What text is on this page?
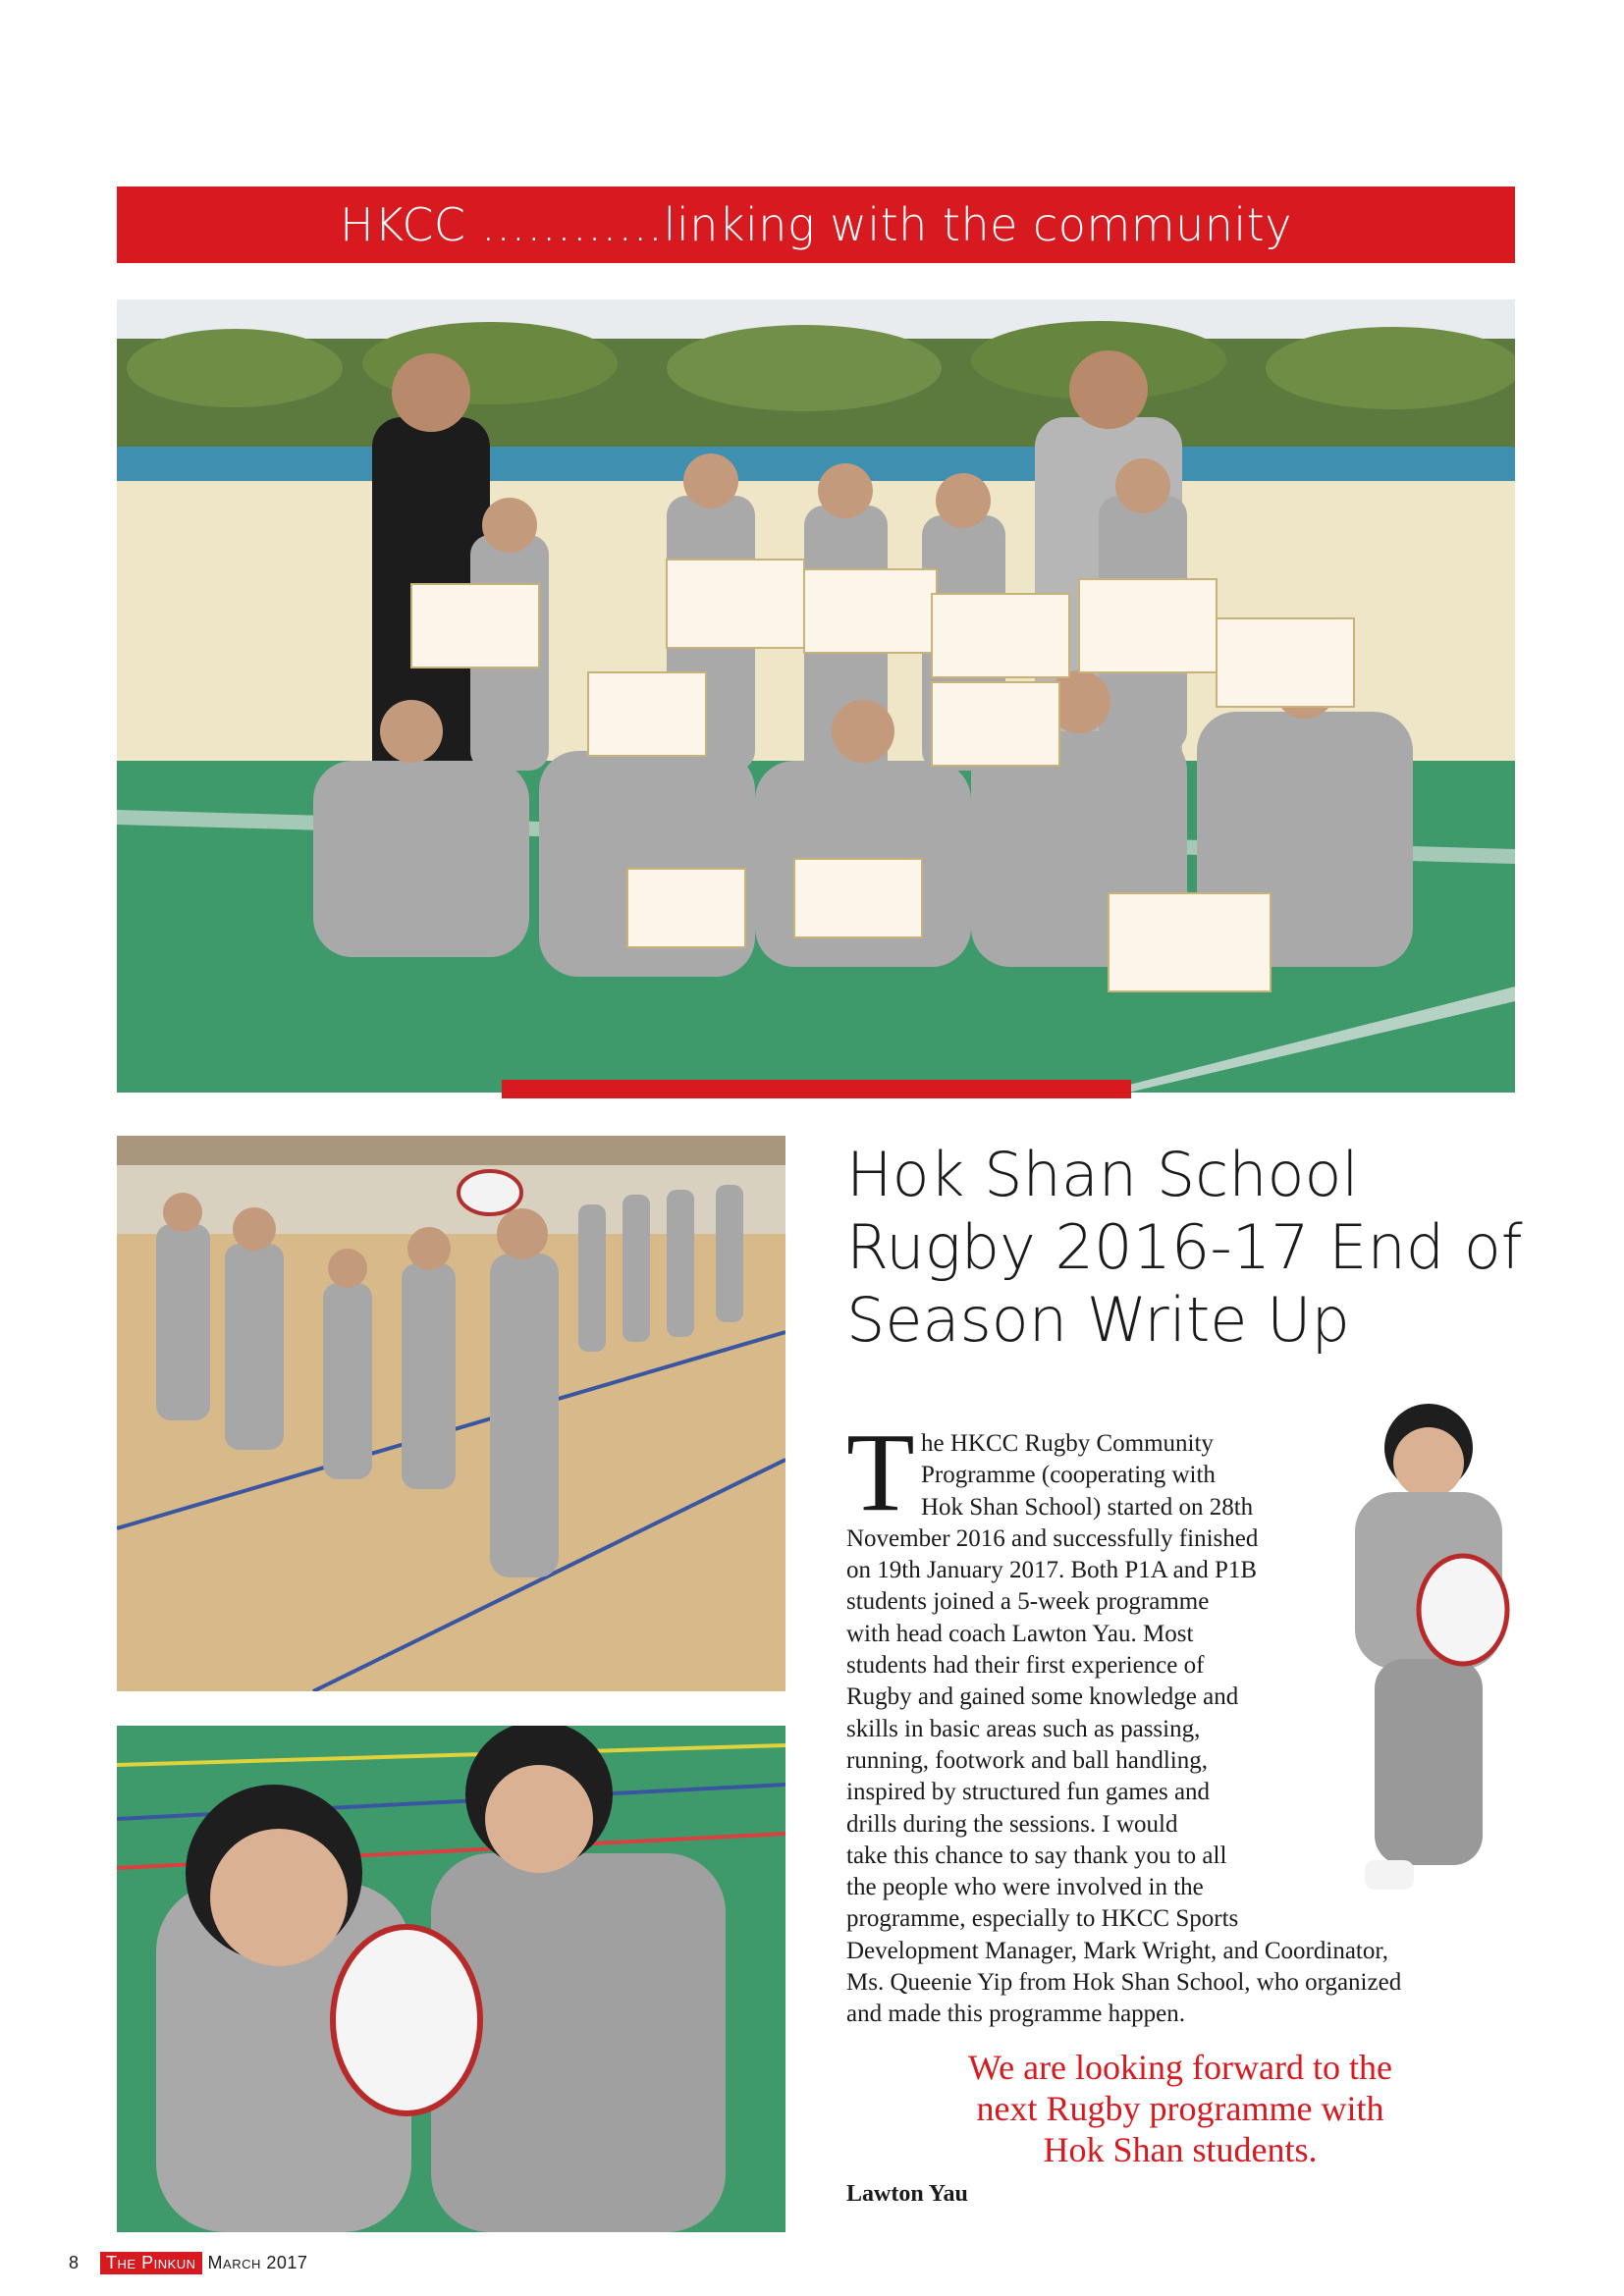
HKCC …………linking with the community
Hok Shan School
Rugby 2016-17 End of
Season Write Up
T he HKCC Rugby Community
Programme (cooperating with
Hok Shan School) started on 28th
November 2016 and successfully finished
on 19th January 2017. Both P1A and P1B
students joined a 5-week programme
with head coach Lawton Yau. Most
students had their first experience of
Rugby and gained some knowledge and
skills in basic areas such as passing,
running, footwork and ball handling,
inspired by structured fun games and
drills during the sessions. I would
take this chance to say thank you to all
the people who were involved in the
programme, especially to HKCC Sports
Development Manager, Mark Wright, and Coordinator,
Ms. Queenie Yip from Hok Shan School, who organized
and made this programme happen.
We are looking forward to the
next Rugby programme with
Hok Shan students.
Lawton Yau
8	The Pinkun March 2017
